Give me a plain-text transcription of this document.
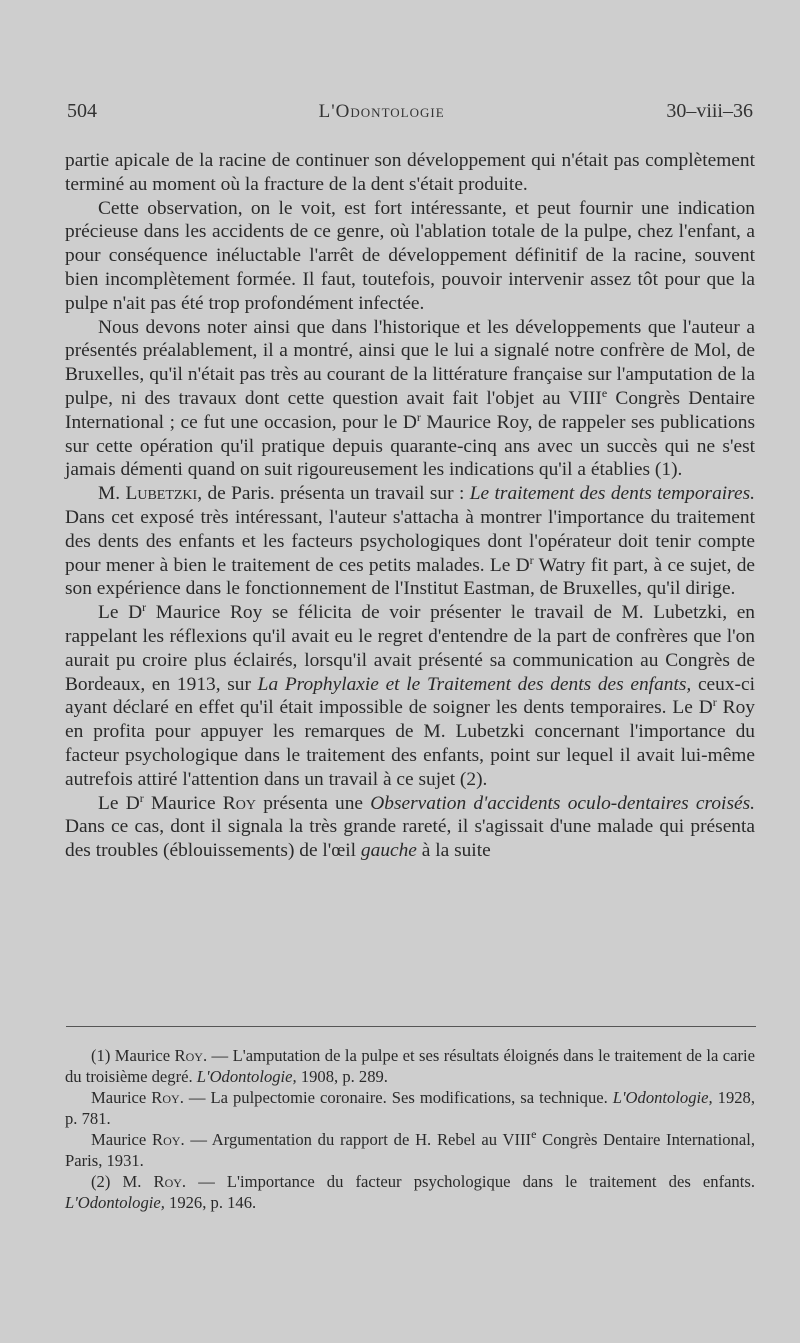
504	L'Odontologie	30–viii–36

partie apicale de la racine de continuer son développement qui n'était pas complètement terminé au moment où la fracture de la dent s'était produite.

Cette observation, on le voit, est fort intéressante, et peut fournir une indication précieuse dans les accidents de ce genre, où l'ablation totale de la pulpe, chez l'enfant, a pour conséquence inéluctable l'arrêt de développement définitif de la racine, souvent bien incomplètement formée. Il faut, toutefois, pouvoir intervenir assez tôt pour que la pulpe n'ait pas été trop profondément infectée.

Nous devons noter ainsi que dans l'historique et les développements que l'auteur a présentés préalablement, il a montré, ainsi que le lui a signalé notre confrère de Mol, de Bruxelles, qu'il n'était pas très au courant de la littérature française sur l'amputation de la pulpe, ni des travaux dont cette question avait fait l'objet au VIIIe Congrès Dentaire International ; ce fut une occasion, pour le $D^r$ Maurice Roy, de rappeler ses publications sur cette opération qu'il pratique depuis quarante-cinq ans avec un succès qui ne s'est jamais démenti quand on suit rigoureusement les indications qu'il a établies (1).

M. Lubetzki, de Paris. présenta un travail sur : Le traitement des dents temporaires. Dans cet exposé très intéressant, l'auteur s'attacha à montrer l'importance du traitement des dents des enfants et les facteurs psychologiques dont l'opérateur doit tenir compte pour mener à bien le traitement de ces petits malades. Le $D^r$ Watry fit part, à ce sujet, de son expérience dans le fonctionnement de l'Institut Eastman, de Bruxelles, qu'il dirige.

Le $D^r$ Maurice Roy se félicita de voir présenter le travail de M. Lubetzki, en rappelant les réflexions qu'il avait eu le regret d'entendre de la part de confrères que l'on aurait pu croire plus éclairés, lorsqu'il avait présenté sa communication au Congrès de Bordeaux, en 1913, sur La Prophylaxie et le Traitement des dents des enfants, ceux-ci ayant déclaré en effet qu'il était impossible de soigner les dents temporaires. Le $D^r$ Roy en profita pour appuyer les remarques de M. Lubetzki concernant l'importance du facteur psychologique dans le traitement des enfants, point sur lequel il avait lui-même autrefois attiré l'attention dans un travail à ce sujet (2).

Le $D^r$ Maurice Roy présenta une Observation d'accidents oculo-dentaires croisés. Dans ce cas, dont il signala la très grande rareté, il s'agissait d'une malade qui présenta des troubles (éblouissements) de l'œil gauche à la suite

(1) Maurice Roy. — L'amputation de la pulpe et ses résultats éloignés dans le traitement de la carie du troisième degré. L'Odontologie, 1908, p. 289.

Maurice Roy. — La pulpectomie coronaire. Ses modifications, sa technique. L'Odontologie, 1928, p. 781.

Maurice Roy. — Argumentation du rapport de H. Rebel au VIIIe Congrès Dentaire International, Paris, 1931.

(2) M. Roy. — L'importance du facteur psychologique dans le traitement des enfants. L'Odontologie, 1926, p. 146.
